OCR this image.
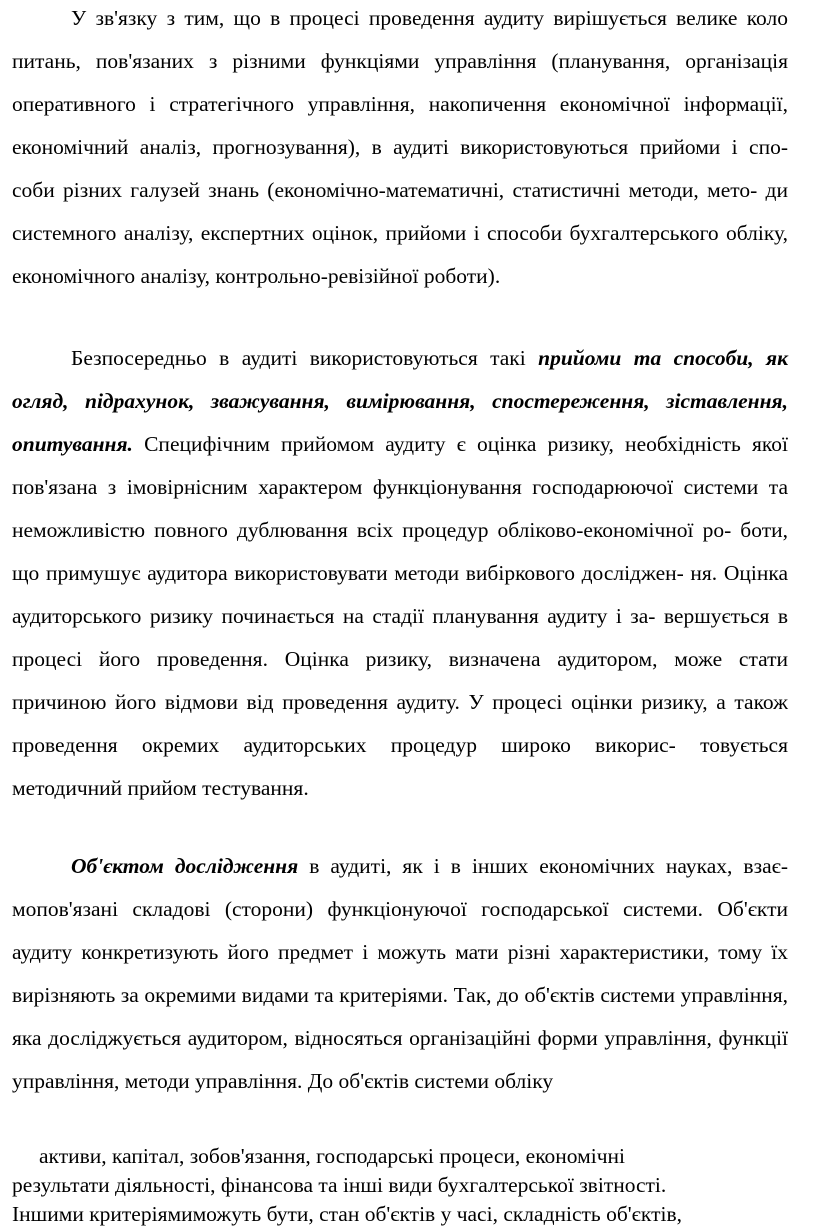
У зв'язку з тим, що в процесі проведення аудиту вирішується велике коло питань, пов'язаних з різними функціями управління (планування, організація оперативного і стратегічного управління, накопичення економічної інформації, економічний аналіз, прогнозування), в аудиті використовуються прийоми і спо- соби різних галузей знань (економічно-математичні, статистичні методи, мето- ди системного аналізу, експертних оцінок, прийоми і способи бухгалтерського обліку, економічного аналізу, контрольно-ревізійної роботи).

Безпосередньо в аудиті використовуються такі прийоми та способи, як огляд, підрахунок, зважування, вимірювання, спостереження, зіставлення, опитування. Специфічним прийомом аудиту є оцінка ризику, необхідність якої пов'язана з імовірнісним характером функціонування господарюючої системи та неможливістю повного дублювання всіх процедур обліково-економічної ро- боти, що примушує аудитора використовувати методи вибіркового дослiджен- ня. Оцінка аудиторського ризику починається на стадії планування аудиту і за- вершується в процесі його проведення. Оцінка ризику, визначена аудитором, може стати причиною його відмови від проведення аудиту. У процесі оцінки ризику, а також проведення окремих аудиторських процедур широко викорис- товується методичний прийом тестування.

Об'єктом дослідження в аудиті, як і в інших економічних науках, взає- мопов'язані складові (сторони) функціонуючої господарської системи. Об'єкти аудиту конкретизують його предмет і можуть мати різні характеристики, тому їх вирізняють за окремими видами та критеріями. Так, до об'єктів системи управління, яка досліджується аудитором, відносяться організаційні форми управління, функції управління, методи управління. До об'єктів системи обліку

активи, капітал, зобов'язання, господарські процеси, економічні
результати діяльності, фінансова та інші види бухгалтерської звітності.
Іншими критеріямиможуть бути, стан об'єктів у часі, складність об'єктів,
